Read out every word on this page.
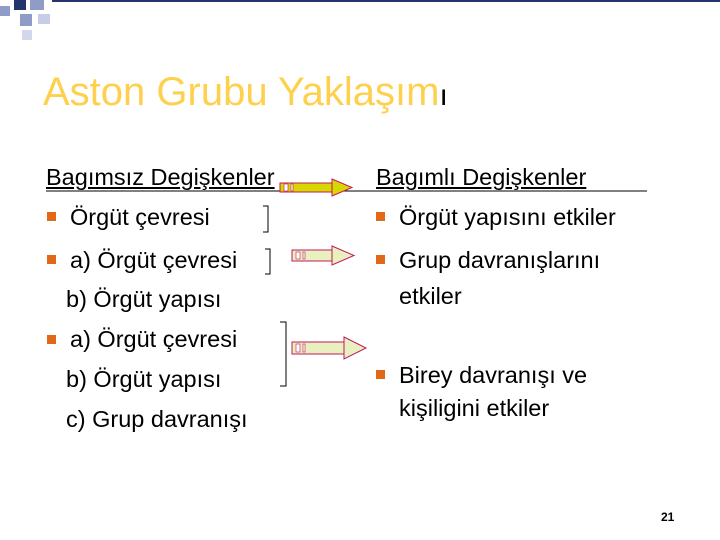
Aston Grubu Yaklaşımı
Bagımsız Degişkenler
Örgüt çevresi
a) Örgüt çevresi
b) Örgüt yapısı
a) Örgüt çevresi
b) Örgüt yapısı
c) Grup davranışı
Bagımlı Degişkenler
Örgüt yapısını etkiler
Grup davranışlarını
etkiler
Birey davranışı ve
kişiligini etkiler
21
